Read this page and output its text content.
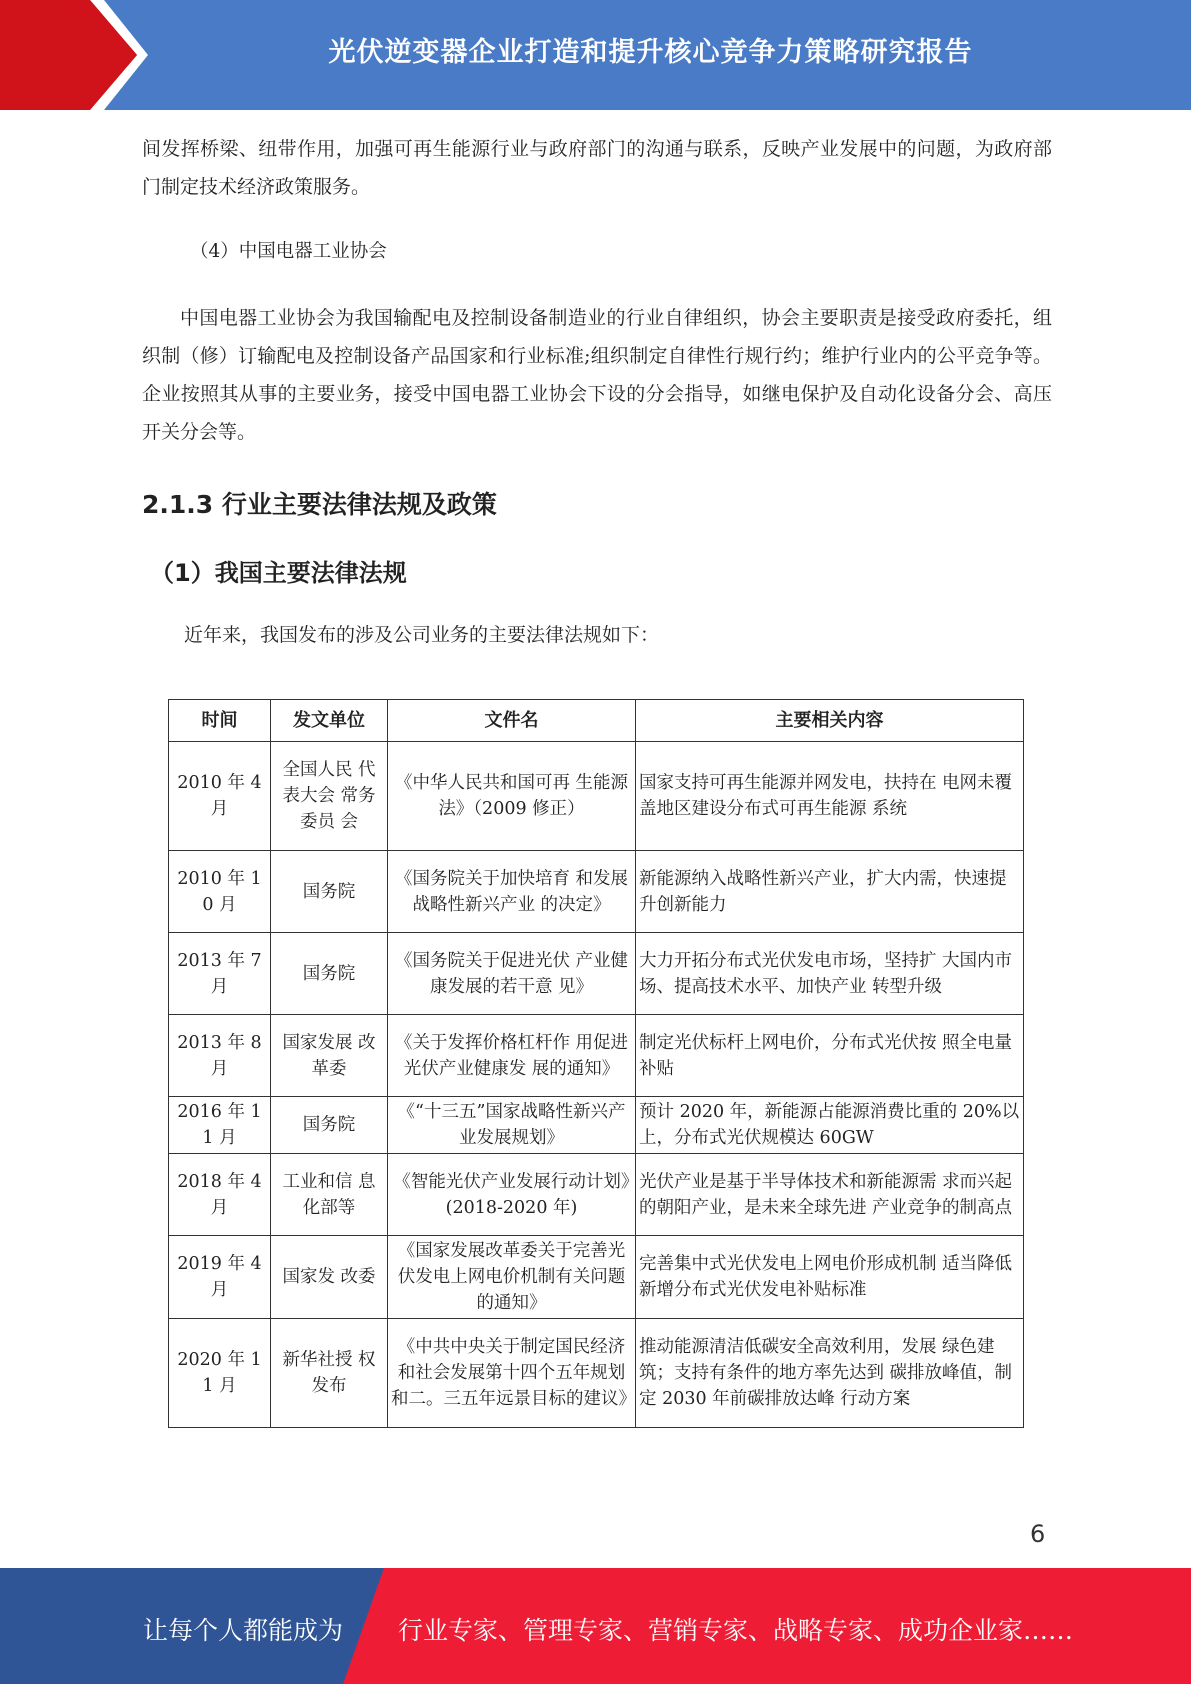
光伏逆变器企业打造和提升核心竞争力策略研究报告

间发挥桥梁、纽带作用，加强可再生能源行业与政府部门的沟通与联系，反映产业发展中的问题，为政府部门制定技术经济政策服务。

（4）中国电器工业协会

中国电器工业协会为我国输配电及控制设备制造业的行业自律组织，协会主要职责是接受政府委托，组织制（修）订输配电及控制设备产品国家和行业标准;组织制定自律性行规行约；维护行业内的公平竞争等。企业按照其从事的主要业务，接受中国电器工业协会下设的分会指导，如继电保护及自动化设备分会、高压开关分会等。

2.1.3 行业主要法律法规及政策
（1）我国主要法律法规
近年来，我国发布的涉及公司业务的主要法律法规如下：
时间	发文单位	文件名	主要相关内容
2010 年 4 月	全国人民 代表大会 常务委员 会	《中华人民共和国可再 生能源法》（2009 修正）	国家支持可再生能源并网发电，扶持在 电网未覆盖地区建设分布式可再生能源 系统
2010 年 10 月	国务院	《国务院关于加快培育 和发展战略性新兴产业 的决定》	新能源纳入战略性新兴产业，扩大内需，快速提升创新能力
2013 年 7 月	国务院	《国务院关于促进光伏 产业健康发展的若干意 见》	大力开拓分布式光伏发电市场，坚持扩 大国内市场、提高技术水平、加快产业 转型升级
2013 年 8 月	国家发展 改革委	《关于发挥价格杠杆作 用促进光伏产业健康发 展的通知》	制定光伏标杆上网电价，分布式光伏按 照全电量补贴
2016 年 11 月	国务院	《“十三五”国家战略性新兴产业发展规划》	预计 2020 年，新能源占能源消费比重的 20%以上，分布式光伏规模达 60GW
2018 年 4 月	工业和信 息化部等	《智能光伏产业发展行动计划》(2018-2020 年)	光伏产业是基于半导体技术和新能源需 求而兴起的朝阳产业，是未来全球先进 产业竞争的制高点
2019 年 4 月	国家发 改委	《国家发展改革委关于完善光伏发电上网电价机制有关问题的通知》	完善集中式光伏发电上网电价形成机制 适当降低新增分布式光伏发电补贴标准
2020 年 11 月	新华社授 权发布	《中共中央关于制定国民经济和社会发展第十四个五年规划和二。三五年远景目标的建议》	推动能源清洁低碳安全高效利用，发展 绿色建筑；支持有条件的地方率先达到 碳排放峰值，制定 2030 年前碳排放达峰 行动方案
6
让每个人都能成为 行业专家、管理专家、营销专家、战略专家、成功企业家……
